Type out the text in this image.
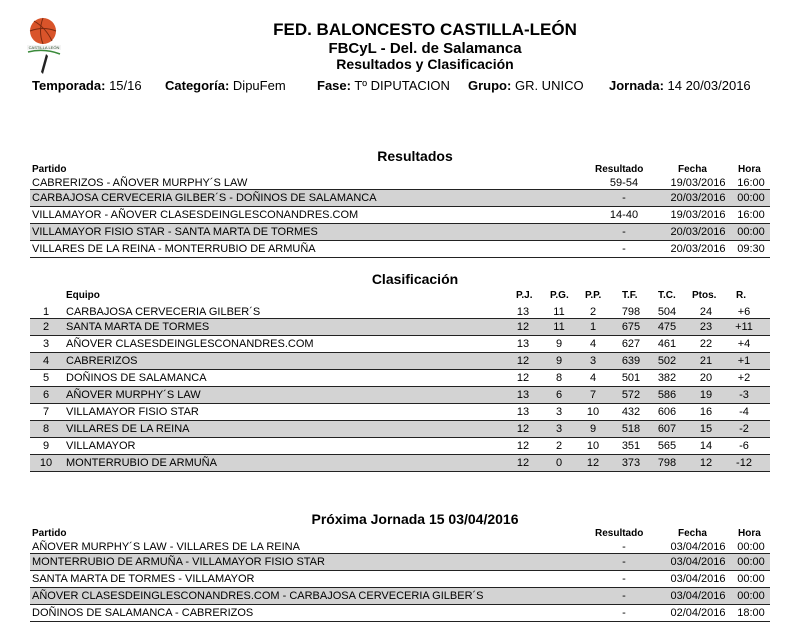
CASTILLA LEÓN
FED. BALONCESTO CASTILLA-LEÓN
FBCyL - Del. de Salamanca
Resultados y Clasificación
Temporada: 15/16 Categoría: DipuFem Fase: Tº DIPUTACION Grupo: GR. UNICO Jornada: 14 20/03/2016
Resultados
Partido	Resultado	Fecha	Hora
CABRERIZOS - AÑOVER MURPHY´S LAW	59-54	19/03/2016	16:00
CARBAJOSA CERVECERIA GILBER´S - DOÑINOS DE SALAMANCA	-	20/03/2016	00:00
VILLAMAYOR - AÑOVER CLASESDEINGLESCONANDRES.COM	14-40	19/03/2016	16:00
VILLAMAYOR FISIO STAR - SANTA MARTA DE TORMES	-	20/03/2016	00:00
VILLARES DE LA REINA - MONTERRUBIO DE ARMUÑA	-	20/03/2016	09:30
Clasificación
Equipo	P.J. P.G. P.P. T.F. T.C. Ptos. R.
1	CARBAJOSA CERVECERIA GILBER´S	13	11	2	798	504	24	+6
2	SANTA MARTA DE TORMES	12	11	1	675	475	23	+11
3	AÑOVER CLASESDEINGLESCONANDRES.COM	13	9	4	627	461	22	+4
4	CABRERIZOS	12	9	3	639	502	21	+1
5	DOÑINOS DE SALAMANCA	12	8	4	501	382	20	+2
6	AÑOVER MURPHY´S LAW	13	6	7	572	586	19	-3
7	VILLAMAYOR FISIO STAR	13	3	10	432	606	16	-4
8	VILLARES DE LA REINA	12	3	9	518	607	15	-2
9	VILLAMAYOR	12	2	10	351	565	14	-6
10	MONTERRUBIO DE ARMUÑA	12	0	12	373	798	12	-12
Próxima Jornada 15 03/04/2016
Partido	Resultado	Fecha	Hora
AÑOVER MURPHY´S LAW - VILLARES DE LA REINA	-	03/04/2016	00:00
MONTERRUBIO DE ARMUÑA - VILLAMAYOR FISIO STAR	-	03/04/2016	00:00
SANTA MARTA DE TORMES - VILLAMAYOR	-	03/04/2016	00:00
AÑOVER CLASESDEINGLESCONANDRES.COM - CARBAJOSA CERVECERIA GILBER´S	-	03/04/2016	00:00
DOÑINOS DE SALAMANCA - CABRERIZOS	-	02/04/2016	18:00
